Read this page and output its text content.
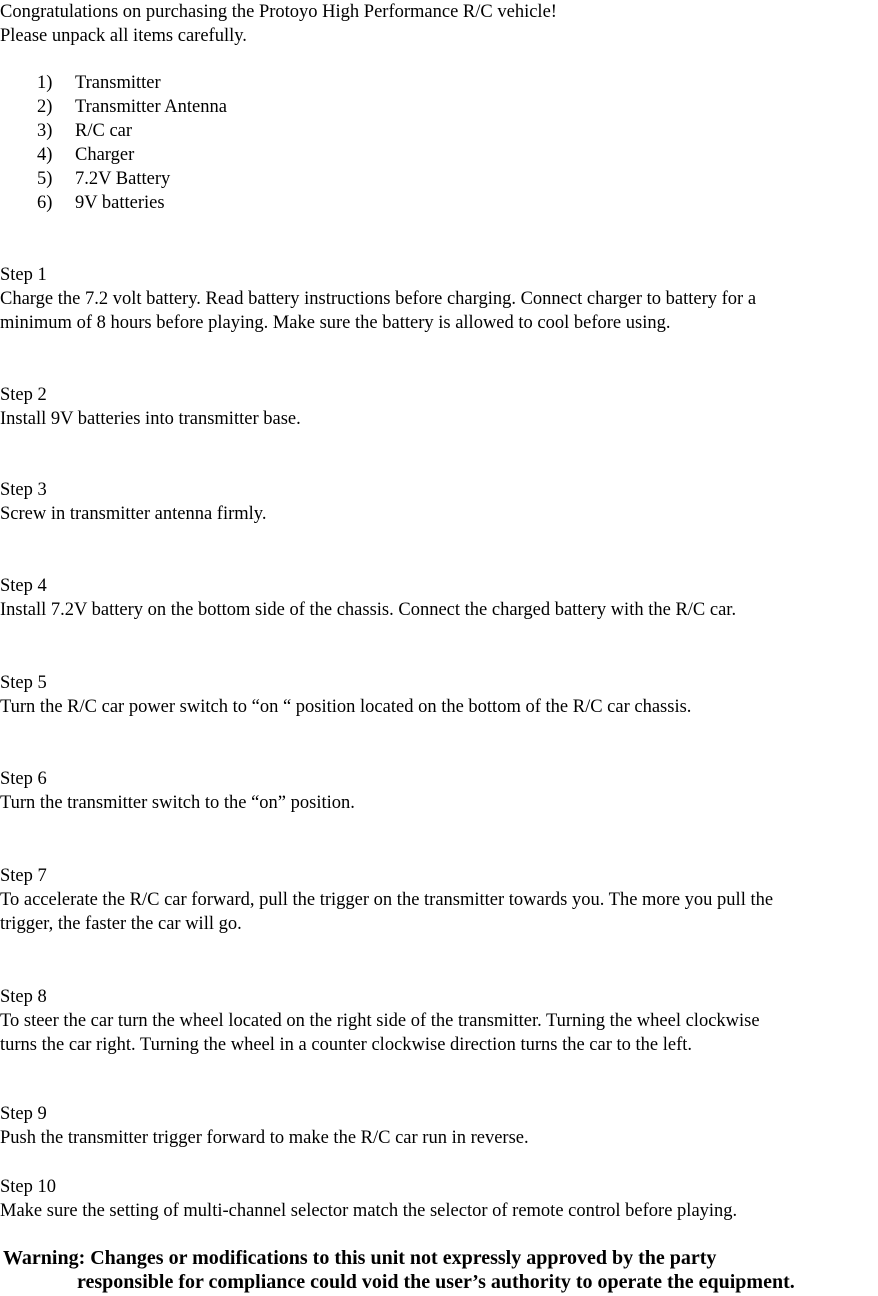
Congratulations on purchasing the Protoyo High Performance R/C vehicle!
Please unpack all items carefully.
1) Transmitter
2) Transmitter Antenna
3) R/C car
4) Charger
5) 7.2V Battery
6) 9V batteries
Step 1
Charge the 7.2 volt battery. Read battery instructions before charging. Connect charger to battery for a
minimum of 8 hours before playing. Make sure the battery is allowed to cool before using.
Step 2
Install 9V batteries into transmitter base.
Step 3
Screw in transmitter antenna firmly.
Step 4
Install 7.2V battery on the bottom side of the chassis. Connect the charged battery with the R/C car.
Step 5
Turn the R/C car power switch to “on “ position located on the bottom of the R/C car chassis.
Step 6
Turn the transmitter switch to the “on” position.
Step 7
To accelerate the R/C car forward, pull the trigger on the transmitter towards you. The more you pull the
trigger, the faster the car will go.
Step 8
To steer the car turn the wheel located on the right side of the transmitter. Turning the wheel clockwise
turns the car right. Turning the wheel in a counter clockwise direction turns the car to the left.
Step 9
Push the transmitter trigger forward to make the R/C car run in reverse.
Step 10
Make sure the setting of multi-channel selector match the selector of remote control before playing.
Warning: Changes or modifications to this unit not expressly approved by the party
responsible for compliance could void the user’s authority to operate the equipment.
